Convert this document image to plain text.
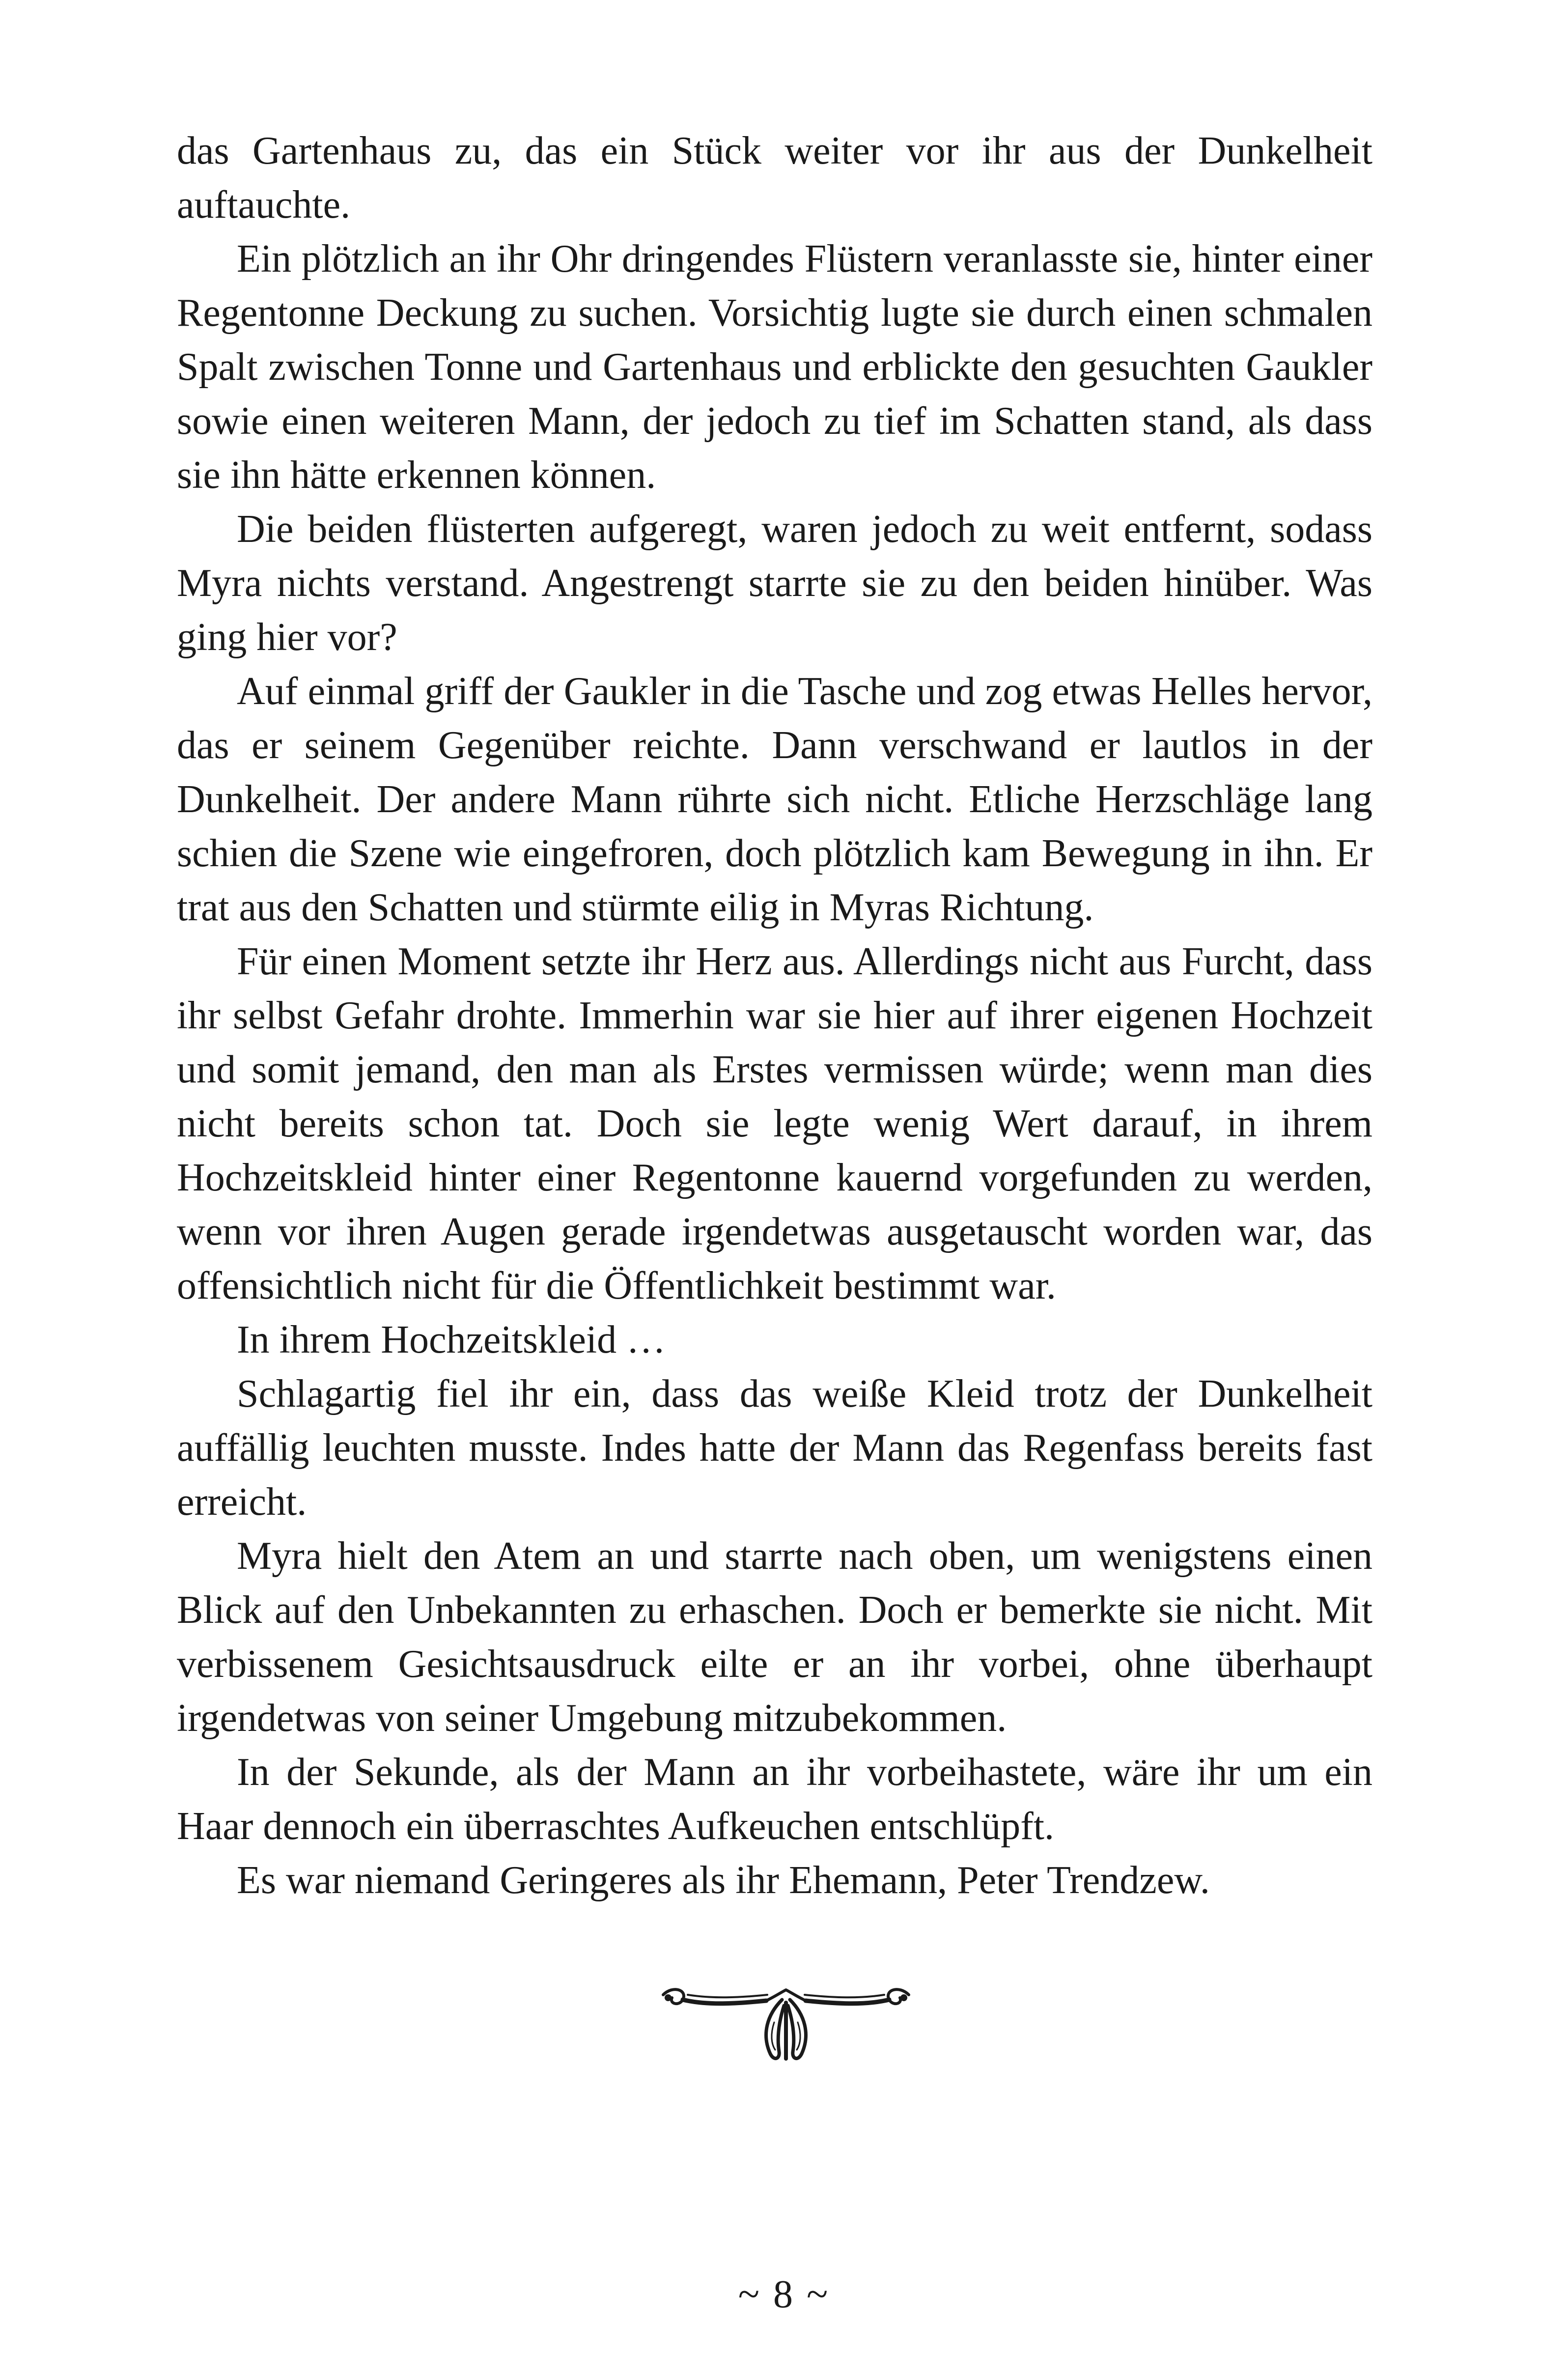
das Gartenhaus zu, das ein Stück weiter vor ihr aus der Dunkelheit auftauchte.

Ein plötzlich an ihr Ohr dringendes Flüstern veranlasste sie, hinter einer Regentonne Deckung zu suchen. Vorsichtig lugte sie durch einen schmalen Spalt zwischen Tonne und Gartenhaus und erblickte den gesuchten Gaukler sowie einen weiteren Mann, der jedoch zu tief im Schatten stand, als dass sie ihn hätte erkennen können.

Die beiden flüsterten aufgeregt, waren jedoch zu weit entfernt, sodass Myra nichts verstand. Angestrengt starrte sie zu den beiden hinüber. Was ging hier vor?

Auf einmal griff der Gaukler in die Tasche und zog etwas Helles hervor, das er seinem Gegenüber reichte. Dann verschwand er lautlos in der Dunkelheit. Der andere Mann rührte sich nicht. Etliche Herzschläge lang schien die Szene wie eingefroren, doch plötzlich kam Bewegung in ihn. Er trat aus den Schatten und stürmte eilig in Myras Richtung.

Für einen Moment setzte ihr Herz aus. Allerdings nicht aus Furcht, dass ihr selbst Gefahr drohte. Immerhin war sie hier auf ihrer eigenen Hochzeit und somit jemand, den man als Erstes vermissen würde; wenn man dies nicht bereits schon tat. Doch sie legte wenig Wert darauf, in ihrem Hochzeitskleid hinter einer Regentonne kauernd vorgefunden zu werden, wenn vor ihren Augen gerade irgendetwas ausgetauscht worden war, das offensichtlich nicht für die Öffentlichkeit bestimmt war.

In ihrem Hochzeitskleid …

Schlagartig fiel ihr ein, dass das weiße Kleid trotz der Dunkelheit auffällig leuchten musste. Indes hatte der Mann das Regenfass bereits fast erreicht.

Myra hielt den Atem an und starrte nach oben, um wenigstens einen Blick auf den Unbekannten zu erhaschen. Doch er bemerkte sie nicht. Mit verbissenem Gesichtsausdruck eilte er an ihr vorbei, ohne überhaupt irgendetwas von seiner Umgebung mitzubekommen.

In der Sekunde, als der Mann an ihr vorbeihastete, wäre ihr um ein Haar dennoch ein überraschtes Aufkeuchen entschlüpft.

Es war niemand Geringeres als ihr Ehemann, Peter Trendzew.

~ 8 ~
